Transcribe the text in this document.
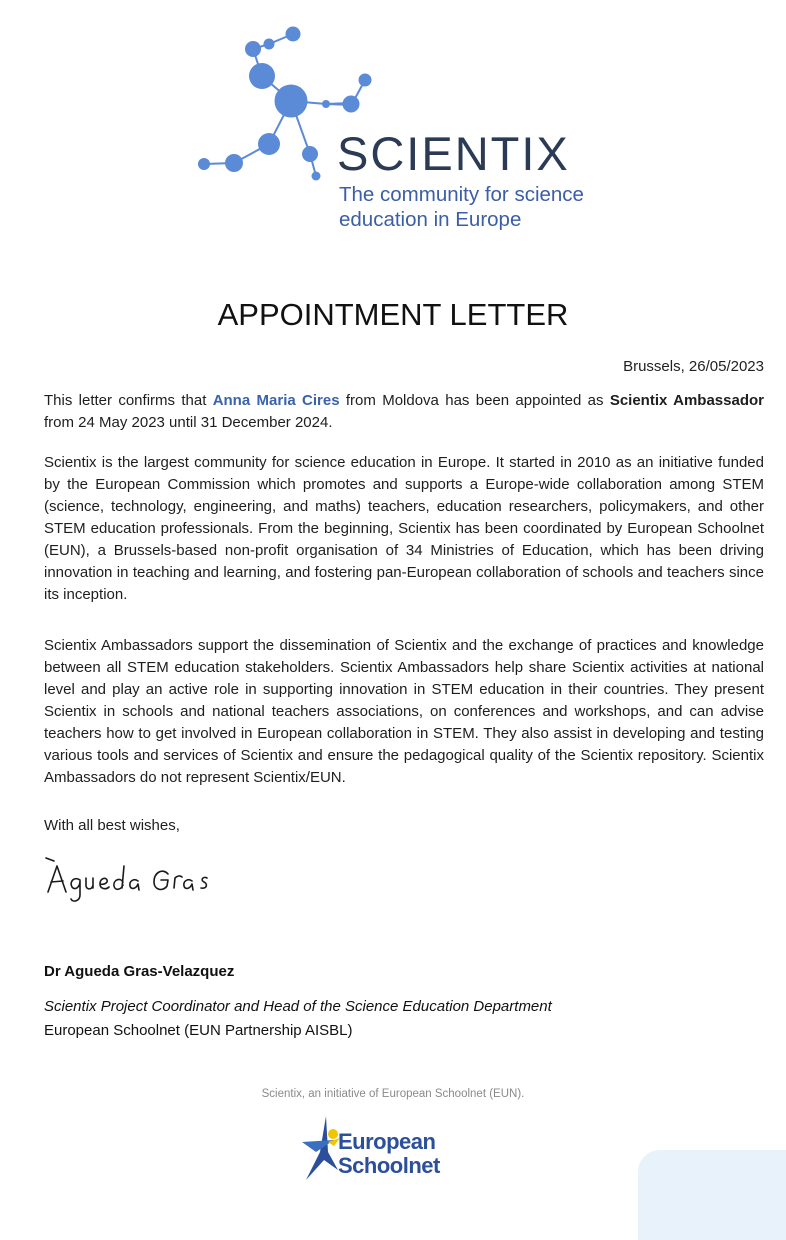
SCIENTIX
The community for science
education in Europe
APPOINTMENT LETTER
Brussels, 26/05/2023

This letter confirms that Anna Maria Cires from Moldova has been appointed as Scientix Ambassador from 24 May 2023 until 31 December 2024.

Scientix is the largest community for science education in Europe. It started in 2010 as an initiative funded by the European Commission which promotes and supports a Europe-wide collaboration among STEM (science, technology, engineering, and maths) teachers, education researchers, policymakers, and other STEM education professionals. From the beginning, Scientix has been coordinated by European Schoolnet (EUN), a Brussels-based non-profit organisation of 34 Ministries of Education, which has been driving innovation in teaching and learning, and fostering pan-European collaboration of schools and teachers since its inception.

Scientix Ambassadors support the dissemination of Scientix and the exchange of practices and knowledge between all STEM education stakeholders. Scientix Ambassadors help share Scientix activities at national level and play an active role in supporting innovation in STEM education in their countries. They present Scientix in schools and national teachers associations, on conferences and workshops, and can advise teachers how to get involved in European collaboration in STEM. They also assist in developing and testing various tools and services of Scientix and ensure the pedagogical quality of the Scientix repository. Scientix Ambassadors do not represent Scientix/EUN.

With all best wishes,

Dr Agueda Gras-Velazquez
Scientix Project Coordinator and Head of the Science Education Department
European Schoolnet (EUN Partnership AISBL)
Scientix, an initiative of European Schoolnet (EUN).
European
Schoolnet
